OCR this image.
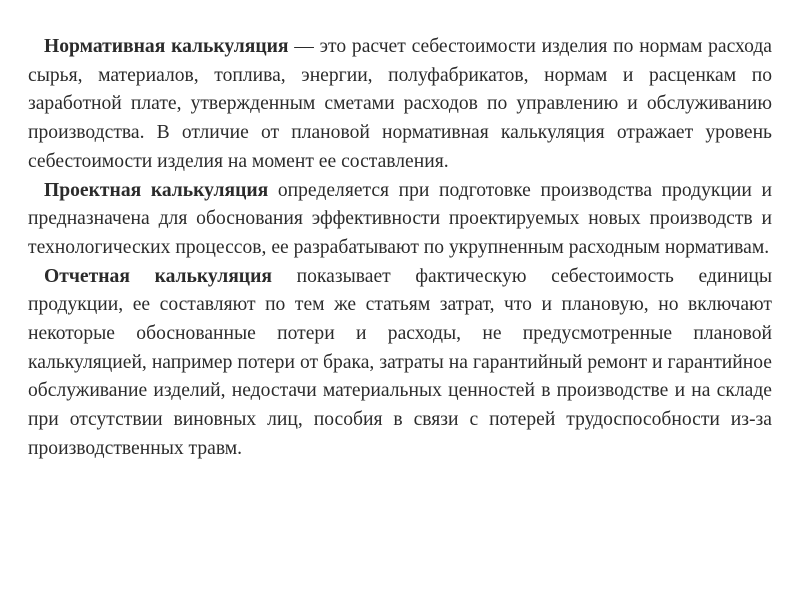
Нормативная калькуляция — это расчет себестоимости изделия по нормам расхода сырья, материалов, топлива, энергии, полуфабрикатов, нормам и расценкам по заработной плате, утвержденным сметами расходов по управлению и обслуживанию производства. В отличие от плановой нормативная калькуляция отражает уровень себестоимости изделия на момент ее составления.

Проектная калькуляция определяется при подготовке производства продукции и предназначена для обоснования эффективности проектируемых новых производств и технологических процессов, ее разрабатывают по укрупненным расходным нормативам.

Отчетная калькуляция показывает фактическую себестоимость единицы продукции, ее составляют по тем же статьям затрат, что и плановую, но включают некоторые обоснованные потери и расходы, не предусмотренные плановой калькуляцией, например потери от брака, затраты на гарантийный ремонт и гарантийное обслуживание изделий, недостачи материальных ценностей в производстве и на складе при отсутствии виновных лиц, пособия в связи с потерей трудоспособности из-за производственных травм.
